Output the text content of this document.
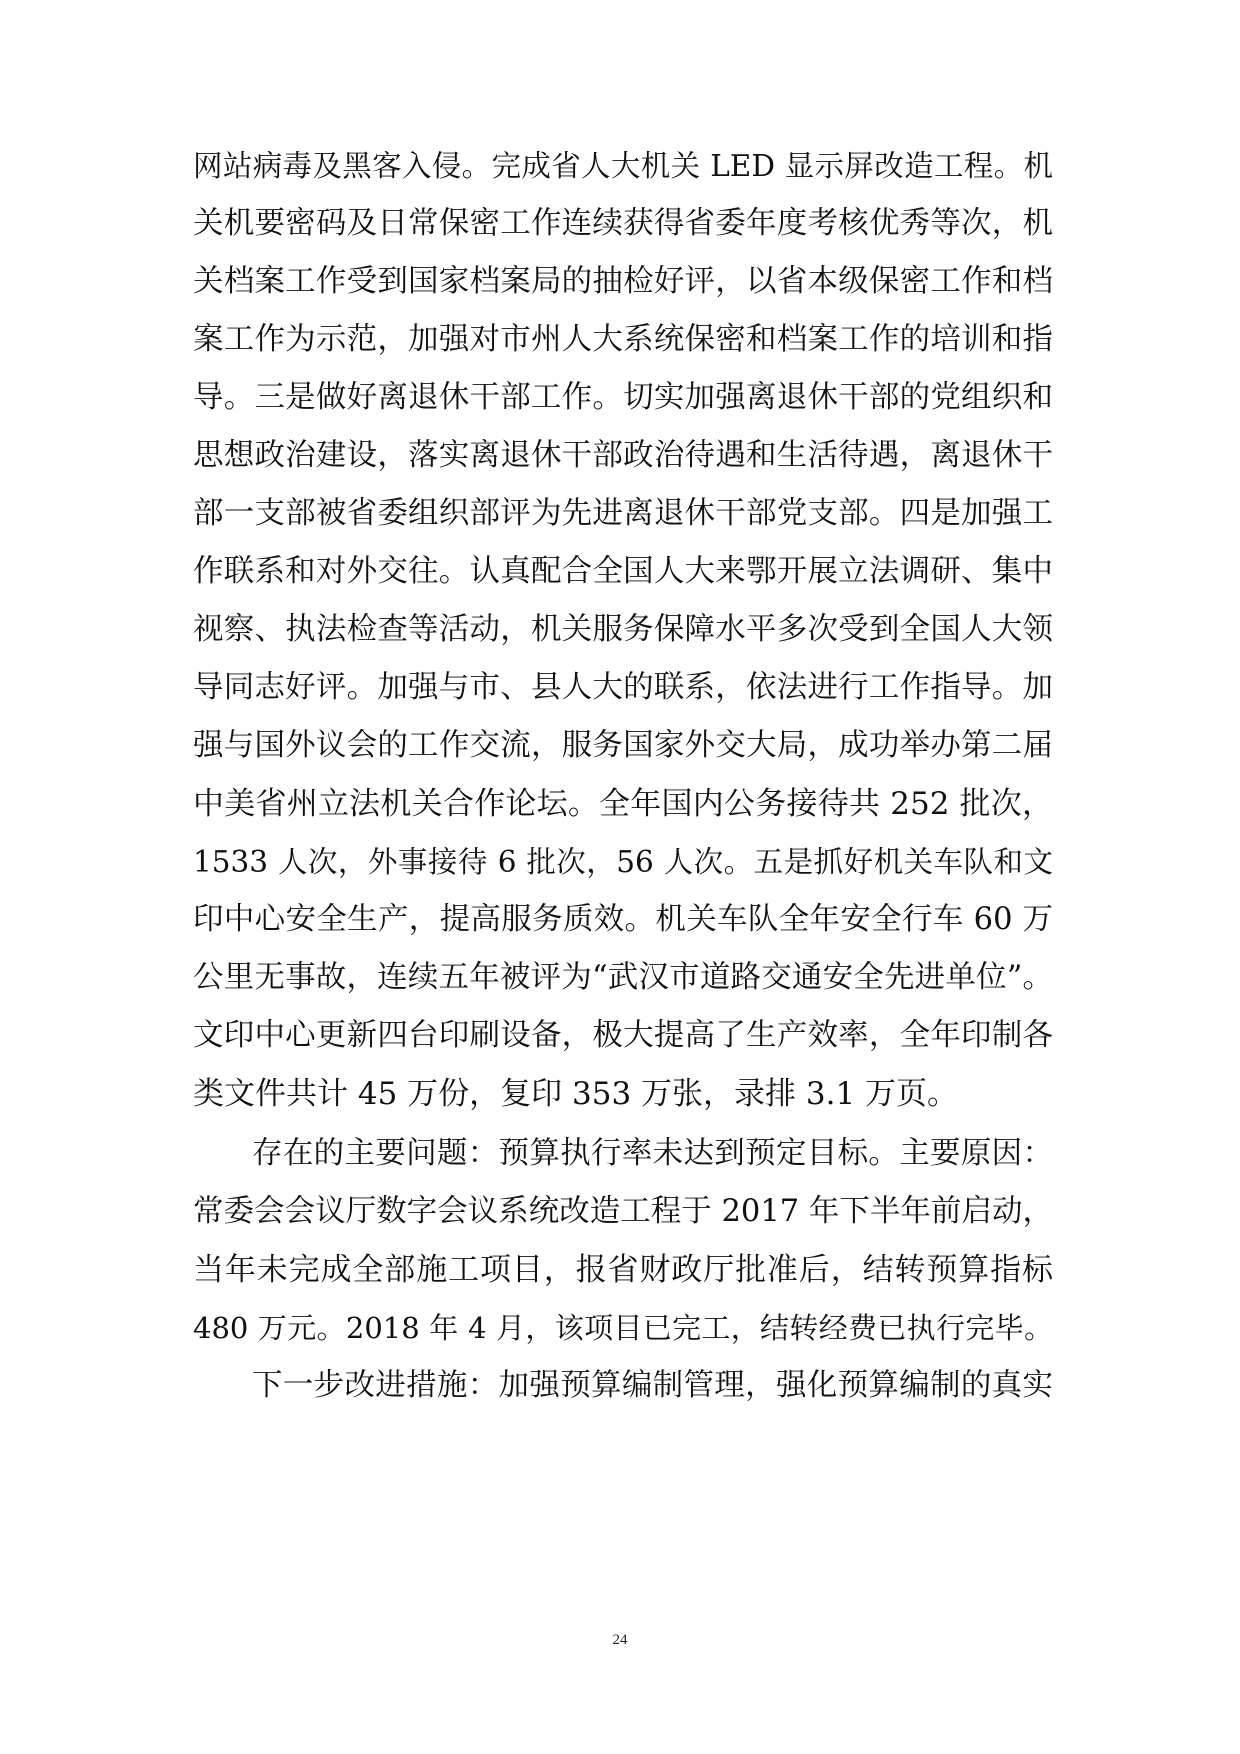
网站病毒及黑客入侵。完成省人大机关 LED 显示屏改造工程。机
关机要密码及日常保密工作连续获得省委年度考核优秀等次，机
关档案工作受到国家档案局的抽检好评，以省本级保密工作和档
案工作为示范，加强对市州人大系统保密和档案工作的培训和指
导。三是做好离退休干部工作。切实加强离退休干部的党组织和
思想政治建设，落实离退休干部政治待遇和生活待遇，离退休干
部一支部被省委组织部评为先进离退休干部党支部。四是加强工
作联系和对外交往。认真配合全国人大来鄂开展立法调研、集中
视察、执法检查等活动，机关服务保障水平多次受到全国人大领
导同志好评。加强与市、县人大的联系，依法进行工作指导。加
强与国外议会的工作交流，服务国家外交大局，成功举办第二届
中美省州立法机关合作论坛。全年国内公务接待共 252 批次，
1533 人次，外事接待 6 批次，56 人次。五是抓好机关车队和文
印中心安全生产，提高服务质效。机关车队全年安全行车 60 万
公里无事故，连续五年被评为“武汉市道路交通安全先进单位”。
文印中心更新四台印刷设备，极大提高了生产效率，全年印制各
类文件共计 45 万份，复印 353 万张，录排 3.1 万页。
存在的主要问题：预算执行率未达到预定目标。主要原因：
常委会会议厅数字会议系统改造工程于 2017 年下半年前启动，
当年未完成全部施工项目，报省财政厅批准后，结转预算指标
480 万元。2018 年 4 月，该项目已完工，结转经费已执行完毕。
下一步改进措施：加强预算编制管理，强化预算编制的真实
24
